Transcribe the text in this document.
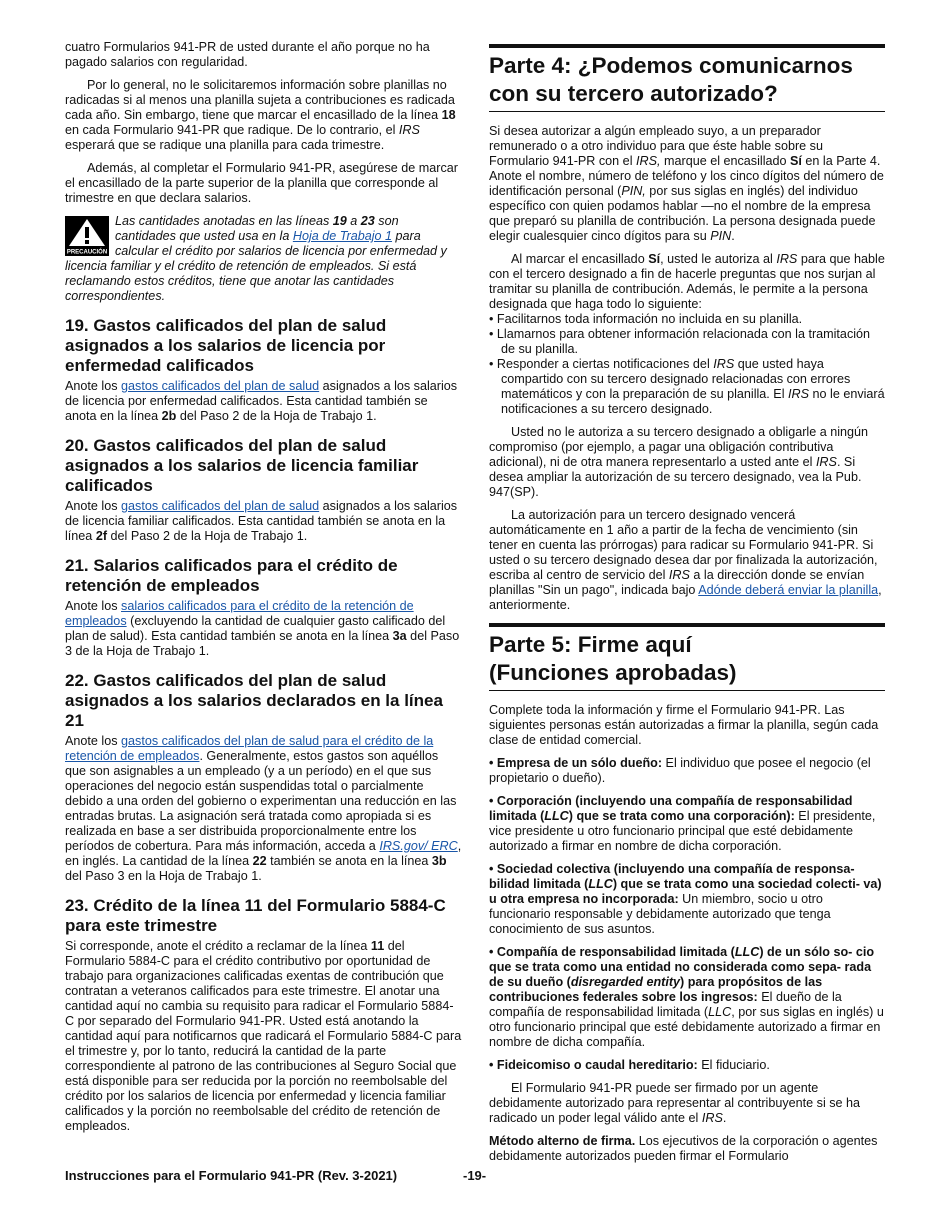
cuatro Formularios 941-PR de usted durante el año porque no ha pagado salarios con regularidad.

Por lo general, no le solicitaremos información sobre planillas no radicadas si al menos una planilla sujeta a contribuciones es radicada cada año. Sin embargo, tiene que marcar el encasillado de la línea 18 en cada Formulario 941-PR que radique. De lo contrario, el IRS esperará que se radique una planilla para cada trimestre.

Además, al completar el Formulario 941-PR, asegúrese de marcar el encasillado de la parte superior de la planilla que corresponde al trimestre en que declara salarios.

PRECAUCIÓN
Las cantidades anotadas en las líneas 19 a 23 son cantidades que usted usa en la Hoja de Trabajo 1 para calcular el crédito por salarios de licencia por enfermedad y licencia familiar y el crédito de retención de empleados. Si está reclamando estos créditos, tiene que anotar las cantidades correspondientes.
19. Gastos calificados del plan de salud asignados a los salarios de licencia por enfermedad calificados

Anote los gastos calificados del plan de salud asignados a los salarios de licencia por enfermedad calificados. Esta cantidad también se anota en la línea 2b del Paso 2 de la Hoja de Trabajo 1.

20. Gastos calificados del plan de salud asignados a los salarios de licencia familiar calificados

Anote los gastos calificados del plan de salud asignados a los salarios de licencia familiar calificados. Esta cantidad también se anota en la línea 2f del Paso 2 de la Hoja de Trabajo 1.

21. Salarios calificados para el crédito de retención de empleados

Anote los salarios calificados para el crédito de la retención de empleados (excluyendo la cantidad de cualquier gasto calificado del plan de salud). Esta cantidad también se anota en la línea 3a del Paso 3 de la Hoja de Trabajo 1.

22. Gastos calificados del plan de salud asignados a los salarios declarados en la línea 21

Anote los gastos calificados del plan de salud para el crédito de la retención de empleados. Generalmente, estos gastos son aquéllos que son asignables a un empleado (y a un período) en el que sus operaciones del negocio están suspendidas total o parcialmente debido a una orden del gobierno o experimentan una reducción en las entradas brutas. La asignación será tratada como apropiada si es realizada en base a ser distribuida proporcionalmente entre los períodos de cobertura. Para más información, acceda a IRS.gov/ ERC, en inglés. La cantidad de la línea 22 también se anota en la línea 3b del Paso 3 en la Hoja de Trabajo 1.

23. Crédito de la línea 11 del Formulario 5884-C para este trimestre

Si corresponde, anote el crédito a reclamar de la línea 11 del Formulario 5884-C para el crédito contributivo por oportunidad de trabajo para organizaciones calificadas exentas de contribución que contratan a veteranos calificados para este trimestre. El anotar una cantidad aquí no cambia su requisito para radicar el Formulario 5884-C por separado del Formulario 941-PR. Usted está anotando la cantidad aquí para notificarnos que radicará el Formulario 5884-C para el trimestre y, por lo tanto, reducirá la cantidad de la parte correspondiente al patrono de las contribuciones al Seguro Social que está disponible para ser reducida por la porción no reembolsable del crédito por los salarios de licencia por enfermedad y licencia familiar calificados y la porción no reembolsable del crédito de retención de empleados.

Parte 4: ¿Podemos comunicarnos con su tercero autorizado?

Si desea autorizar a algún empleado suyo, a un preparador remunerado o a otro individuo para que éste hable sobre su Formulario 941-PR con el IRS, marque el encasillado Sí en la Parte 4. Anote el nombre, número de teléfono y los cinco dígitos del número de identificación personal (PIN, por sus siglas en inglés) del individuo específico con quien podamos hablar —no el nombre de la empresa que preparó su planilla de contribución. La persona designada puede elegir cualesquier cinco dígitos para su PIN.

Al marcar el encasillado Sí, usted le autoriza al IRS para que hable con el tercero designado a fin de hacerle preguntas que nos surjan al tramitar su planilla de contribución. Además, le permite a la persona designada que haga todo lo siguiente:

• Facilitarnos toda información no incluida en su planilla.

• Llamarnos para obtener información relacionada con la tramitación de su planilla.

• Responder a ciertas notificaciones del IRS que usted haya compartido con su tercero designado relacionadas con errores matemáticos y con la preparación de su planilla. El IRS no le enviará notificaciones a su tercero designado.

Usted no le autoriza a su tercero designado a obligarle a ningún compromiso (por ejemplo, a pagar una obligación contributiva adicional), ni de otra manera representarlo a usted ante el IRS. Si desea ampliar la autorización de su tercero designado, vea la Pub. 947(SP).

La autorización para un tercero designado vencerá automáticamente en 1 año a partir de la fecha de vencimiento (sin tener en cuenta las prórrogas) para radicar su Formulario 941-PR. Si usted o su tercero designado desea dar por finalizada la autorización, escriba al centro de servicio del IRS a la dirección donde se envían planillas "Sin un pago", indicada bajo Adónde deberá enviar la planilla, anteriormente.

Parte 5: Firme aquí (Funciones aprobadas)

Complete toda la información y firme el Formulario 941-PR. Las siguientes personas están autorizadas a firmar la planilla, según cada clase de entidad comercial.

• Empresa de un sólo dueño: El individuo que posee el negocio (el propietario o dueño).

• Corporación (incluyendo una compañía de responsabilidad limitada (LLC) que se trata como una corporación): El presidente, vice presidente u otro funcionario principal que esté debidamente autorizado a firmar en nombre de dicha corporación.

• Sociedad colectiva (incluyendo una compañía de responsa- bilidad limitada (LLC) que se trata como una sociedad colecti- va) u otra empresa no incorporada: Un miembro, socio u otro funcionario responsable y debidamente autorizado que tenga conocimiento de sus asuntos.

• Compañía de responsabilidad limitada (LLC) de un sólo so- cio que se trata como una entidad no considerada como sepa- rada de su dueño (disregarded entity) para propósitos de las contribuciones federales sobre los ingresos: El dueño de la compañía de responsabilidad limitada (LLC, por sus siglas en inglés) u otro funcionario principal que esté debidamente autorizado a firmar en nombre de dicha compañía.

• Fideicomiso o caudal hereditario: El fiduciario.

El Formulario 941-PR puede ser firmado por un agente debidamente autorizado para representar al contribuyente si se ha radicado un poder legal válido ante el IRS.

Método alterno de firma. Los ejecutivos de la corporación o agentes debidamente autorizados pueden firmar el Formulario

Instrucciones para el Formulario 941-PR (Rev. 3-2021)	-19-
